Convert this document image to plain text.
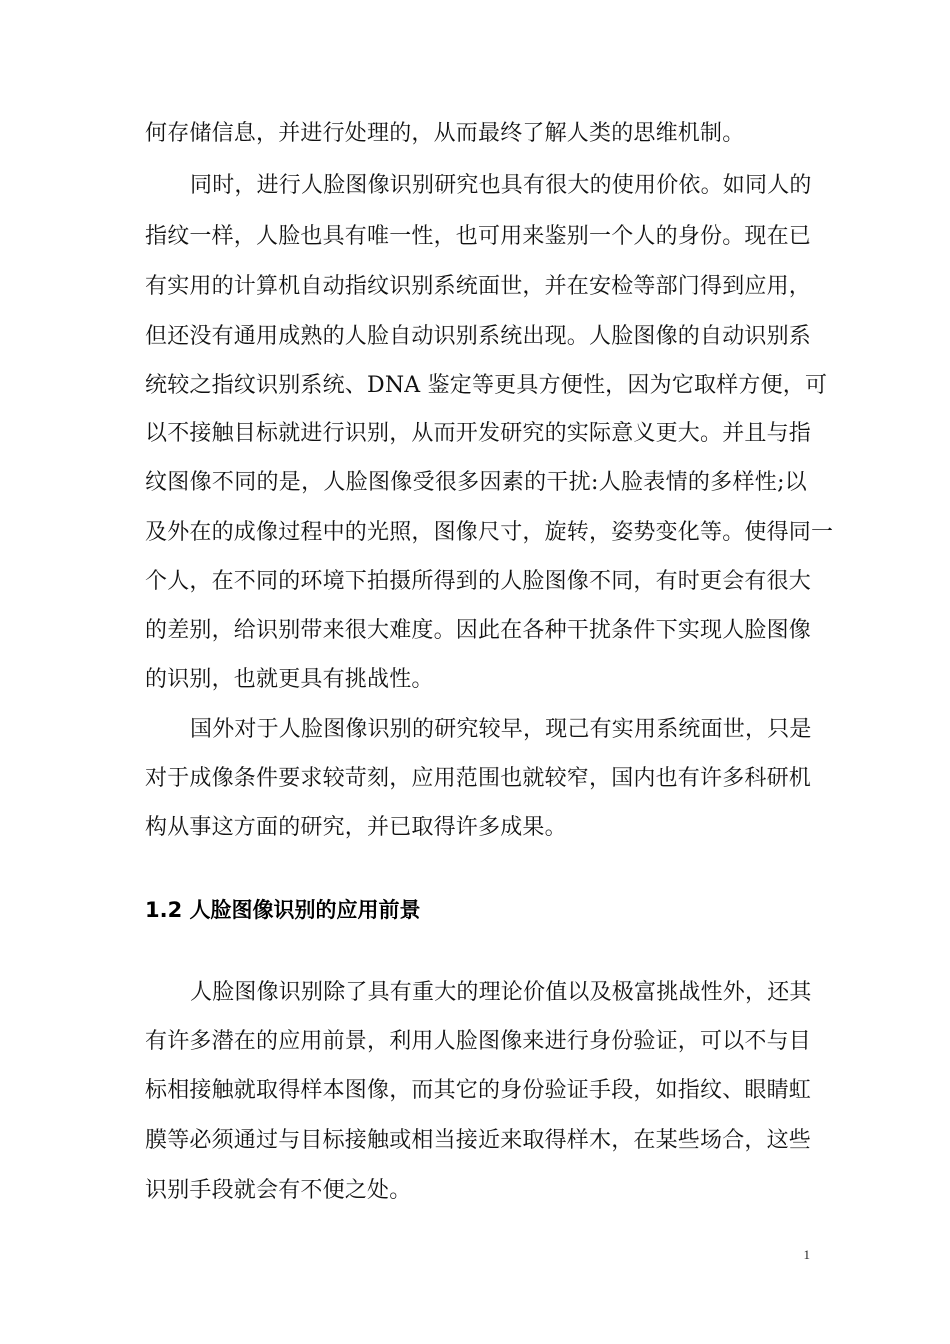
何存储信息，并进行处理的，从而最终了解人类的思维机制。
同时，进行人脸图像识别研究也具有很大的使用价依。如同人的
指纹一样，人脸也具有唯一性，也可用来鉴别一个人的身份。现在已
有实用的计算机自动指纹识别系统面世，并在安检等部门得到应用，
但还没有通用成熟的人脸自动识别系统出现。人脸图像的自动识别系
统较之指纹识别系统、DNA 鉴定等更具方便性，因为它取样方便，可
以不接触目标就进行识别，从而开发研究的实际意义更大。并且与指
纹图像不同的是，人脸图像受很多因素的干扰:人脸表情的多样性;以
及外在的成像过程中的光照，图像尺寸，旋转，姿势变化等。使得同一
个人，在不同的环境下拍摄所得到的人脸图像不同，有时更会有很大
的差别，给识别带来很大难度。因此在各种干扰条件下实现人脸图像
的识别，也就更具有挑战性。
国外对于人脸图像识别的研究较早，现己有实用系统面世，只是
对于成像条件要求较苛刻，应用范围也就较窄，国内也有许多科研机
构从事这方面的研究，并已取得许多成果。
1.2 人脸图像识别的应用前景
人脸图像识别除了具有重大的理论价值以及极富挑战性外，还其
有许多潜在的应用前景，利用人脸图像来进行身份验证，可以不与目
标相接触就取得样本图像，而其它的身份验证手段，如指纹、眼睛虹
膜等必须通过与目标接触或相当接近来取得样木，在某些场合，这些
识别手段就会有不便之处。
1
